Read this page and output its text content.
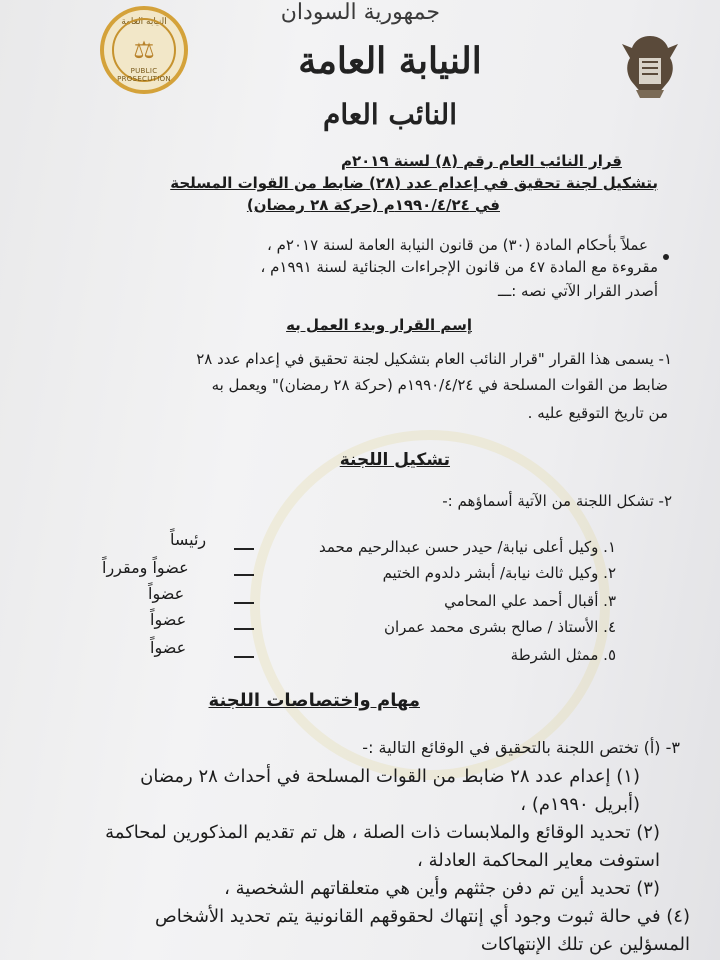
النيابة العامة
⚖
PUBLIC PROSECUTION
جمهورية السودان
النيابة العامة
النائب العام
قرار النائب العام رقم (٨) لسنة ٢٠١٩م
بتشكيل لجنة تحقيق في إعدام عدد (٢٨) ضابط من القوات المسلحة
في ١٩٩٠/٤/٢٤م (حركة ٢٨ رمضان)
عملاً بأحكام المادة (٣٠) من قانون النيابة العامة لسنة ٢٠١٧م ،
مقروءة مع المادة ٤٧ من قانون الإجراءات الجنائية لسنة ١٩٩١م ،
أصدر القرار الآتي نصه :ـــ
إسم القرار وبدء العمل به
١- يسمى هذا القرار "قرار النائب العام بتشكيل لجنة تحقيق في إعدام عدد ٢٨
ضابط من القوات المسلحة في ١٩٩٠/٤/٢٤م (حركة ٢٨ رمضان)" ويعمل به
من تاريخ التوقيع عليه .
تشكيل اللجنة
٢- تشكل اللجنة من الآتية أسماؤهم :-
١. وكيل أعلى نيابة/ حيدر حسن عبدالرحيم محمد
رئيساً
٢. وكيل ثالث نيابة/ أبشر دلدوم الختيم
عضواً ومقرراً
٣. أقبال أحمد علي المحامي
عضواً
٤. الأستاذ / صالح بشرى محمد عمران
عضواً
٥. ممثل الشرطة
عضواً
مهام واختصاصات اللجنة
٣- (أ) تختص اللجنة بالتحقيق في الوقائع التالية :-
(١) إعدام عدد ٢٨ ضابط من القوات المسلحة في أحداث ٢٨ رمضان
(أبريل ١٩٩٠م) ،
(٢) تحديد الوقائع والملابسات ذات الصلة ، هل تم تقديم المذكورين لمحاكمة
استوفت معاير المحاكمة العادلة ،
(٣) تحديد أين تم دفن جثثهم وأين هي متعلقاتهم الشخصية ،
(٤) في حالة ثبوت وجود أي إنتهاك لحقوقهم القانونية يتم تحديد الأشخاص
المسؤلين عن تلك الإنتهاكات
